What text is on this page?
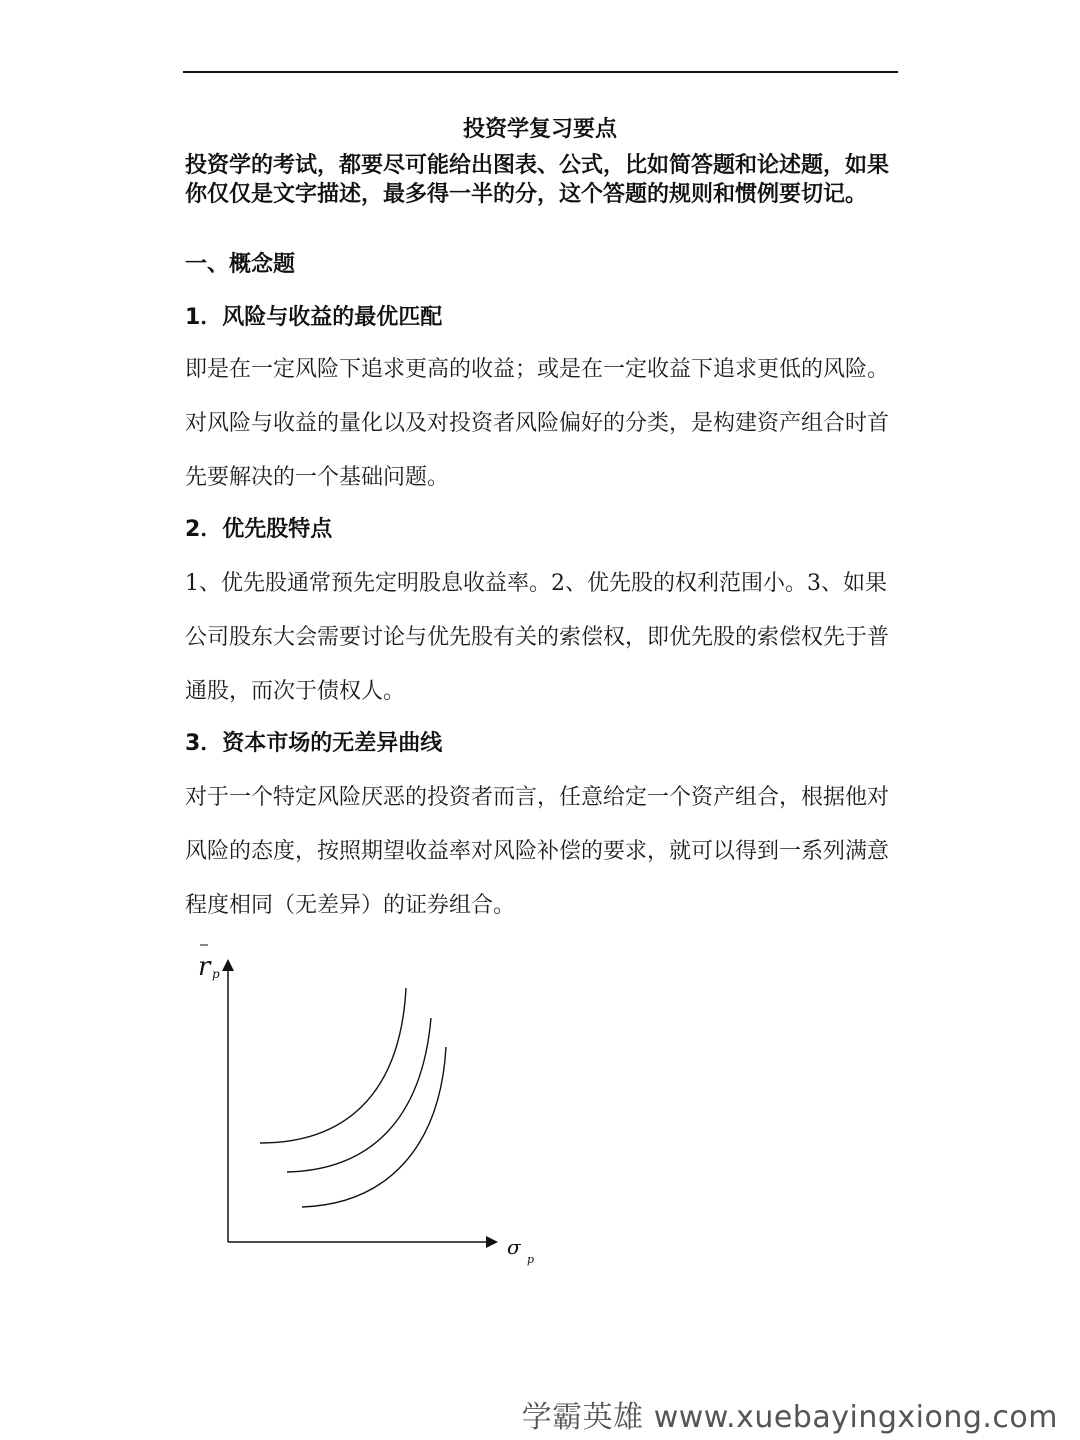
投资学复习要点
投资学的考试，都要尽可能给出图表、公式，比如简答题和论述题，如果你仅仅是文字描述，最多得一半的分，这个答题的规则和惯例要切记。
一、概念题
1．风险与收益的最优匹配
即是在一定风险下追求更高的收益；或是在一定收益下追求更低的风险。对风险与收益的量化以及对投资者风险偏好的分类，是构建资产组合时首先要解决的一个基础问题。
2．优先股特点
1、优先股通常预先定明股息收益率。2、优先股的权利范围小。3、如果公司股东大会需要讨论与优先股有关的索偿权，即优先股的索偿权先于普通股，而次于债权人。
3．资本市场的无差异曲线
对于一个特定风险厌恶的投资者而言，任意给定一个资产组合，根据他对风险的态度，按照期望收益率对风险补偿的要求，就可以得到一系列满意程度相同（无差异）的证券组合。
r p
σ
p
学霸英雄 www.xuebayingxiong.com
